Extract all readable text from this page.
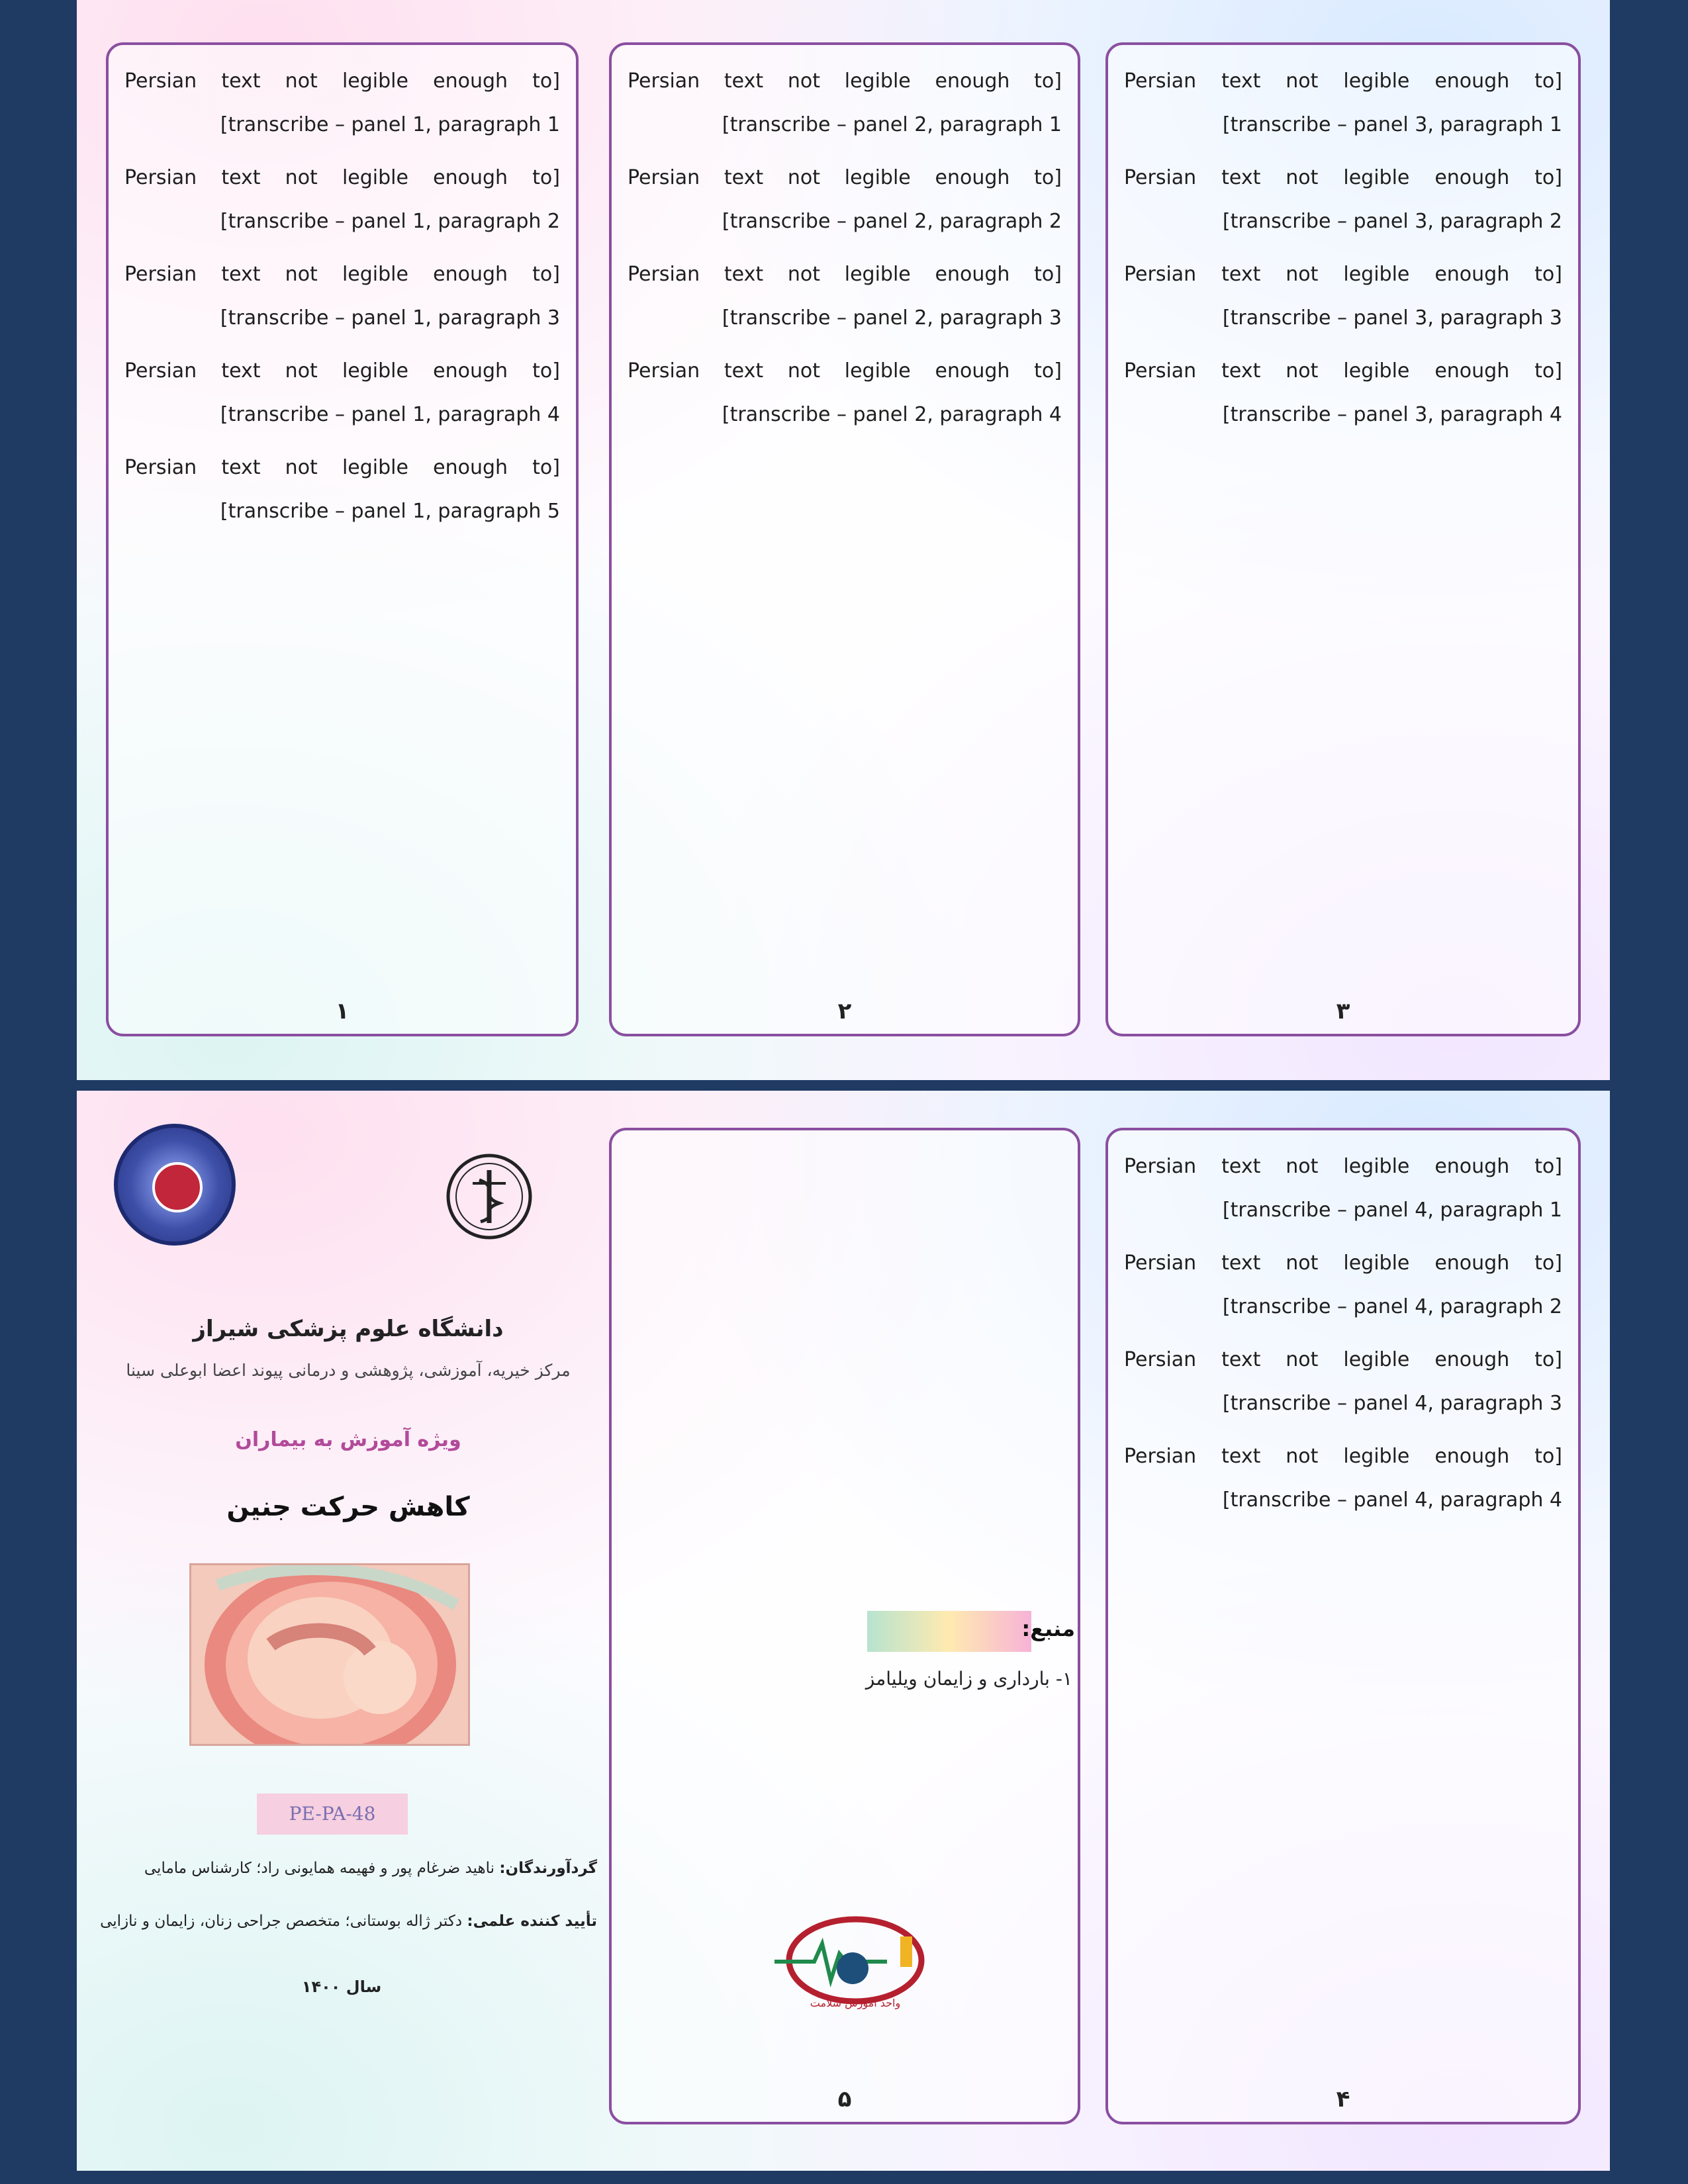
[Persian text not legible enough to transcribe – panel 1, paragraph 1]

[Persian text not legible enough to transcribe – panel 1, paragraph 2]

[Persian text not legible enough to transcribe – panel 1, paragraph 3]

[Persian text not legible enough to transcribe – panel 1, paragraph 4]

[Persian text not legible enough to transcribe – panel 1, paragraph 5]

۱

[Persian text not legible enough to transcribe – panel 2, paragraph 1]

[Persian text not legible enough to transcribe – panel 2, paragraph 2]

[Persian text not legible enough to transcribe – panel 2, paragraph 3]

[Persian text not legible enough to transcribe – panel 2, paragraph 4]

۲

[Persian text not legible enough to transcribe – panel 3, paragraph 1]

[Persian text not legible enough to transcribe – panel 3, paragraph 2]

[Persian text not legible enough to transcribe – panel 3, paragraph 3]

[Persian text not legible enough to transcribe – panel 3, paragraph 4]

۳
دانشگاه علوم پزشکی شیراز
مرکز خیریه، آموزشی، پژوهشی و درمانی پیوند اعضا ابوعلی سینا
ویژه آموزش به بیماران
کاهش حرکت جنین
PE-PA-48
گردآورندگان: ناهید ضرغام پور و فهیمه همایونی راد؛ کارشناس مامایی
تأیید کننده علمی: دکتر ژاله بوستانی؛ متخصص جراحی زنان، زایمان و نازایی
سال ۱۴۰۰
منبع:
۱- بارداری و زایمان ویلیامز
واحد آموزش سلامت
۵

[Persian text not legible enough to transcribe – panel 4, paragraph 1]

[Persian text not legible enough to transcribe – panel 4, paragraph 2]

[Persian text not legible enough to transcribe – panel 4, paragraph 3]

[Persian text not legible enough to transcribe – panel 4, paragraph 4]

۴
